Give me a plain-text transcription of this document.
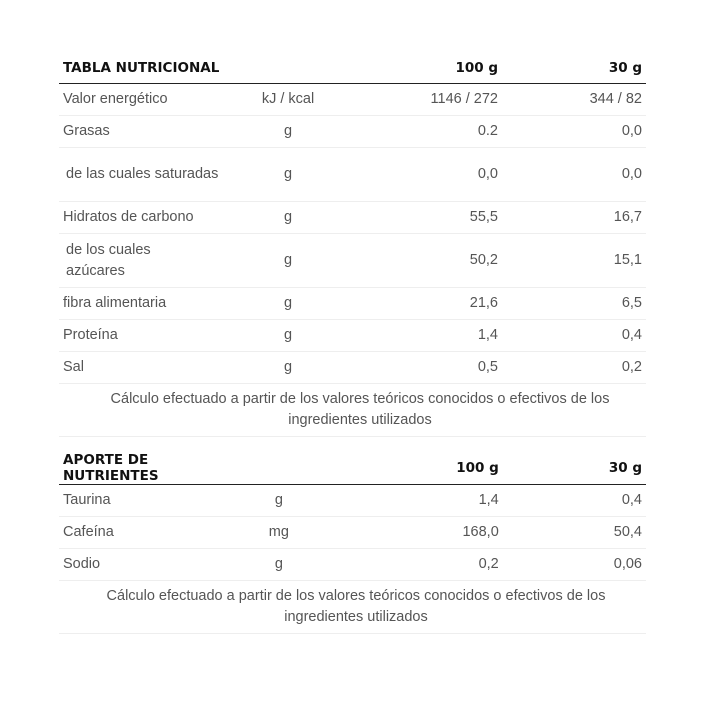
TABLA NUTRICIONAL		100 g	30 g
Valor energético	kJ / kcal	1146 / 272	344 / 82
Grasas	g	0.2	0,0
de las cuales saturadas	g	0,0	0,0
Hidratos de carbono	g	55,5	16,7
de los cuales azúcares	g	50,2	15,1
fibra alimentaria	g	21,6	6,5
Proteína	g	1,4	0,4
Sal	g	0,5	0,2

Cálculo efectuado a partir de los valores teóricos conocidos o efectivos de los ingredientes utilizados			
APORTE DE NUTRIENTES		100 g	30 g
Taurina	g	1,4	0,4
Cafeína	mg	168,0	50,4
Sodio	g	0,2	0,06

Cálculo efectuado a partir de los valores teóricos conocidos o efectivos de los ingredientes utilizados			
